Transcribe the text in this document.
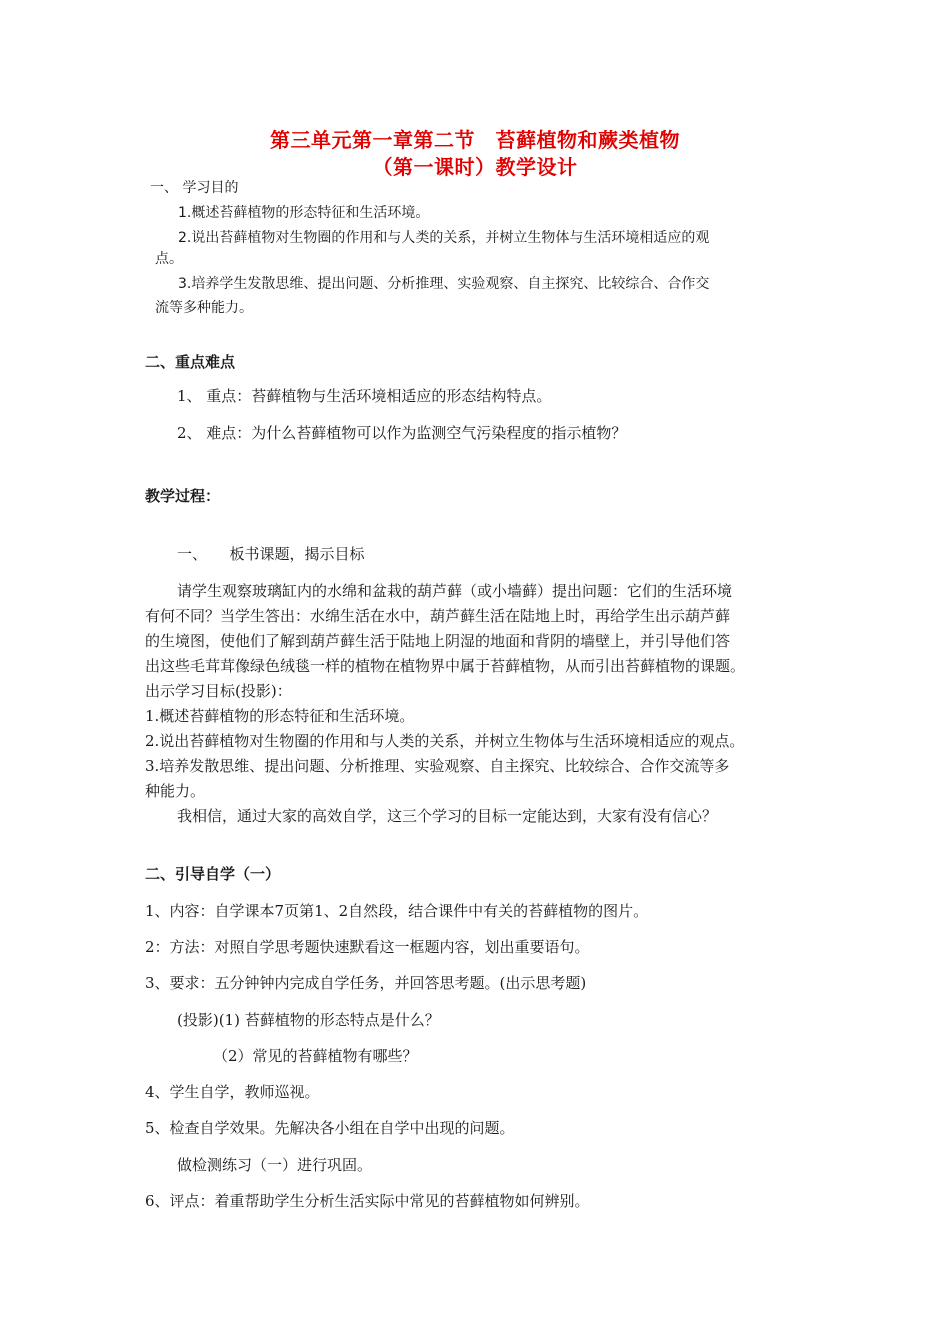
第三单元第一章第二节　苔藓植物和蕨类植物
（第一课时）教学设计
一、 学习目的
1.概述苔藓植物的形态特征和生活环境。
2.说出苔藓植物对生物圈的作用和与人类的关系，并树立生物体与生活环境相适应的观
点。
3.培养学生发散思维、提出问题、分析推理、实验观察、自主探究、比较综合、合作交
流等多种能力。
二、重点难点
1、 重点：苔藓植物与生活环境相适应的形态结构特点。
2、 难点：为什么苔藓植物可以作为监测空气污染程度的指示植物？
教学过程：
一、　　板书课题，揭示目标
请学生观察玻璃缸内的水绵和盆栽的葫芦藓（或小墙藓）提出问题：它们的生活环境
有何不同？当学生答出：水绵生活在水中，葫芦藓生活在陆地上时，再给学生出示葫芦藓
的生境图，使他们了解到葫芦藓生活于陆地上阴湿的地面和背阴的墙壁上，并引导他们答
出这些毛茸茸像绿色绒毯一样的植物在植物界中属于苔藓植物，从而引出苔藓植物的课题。
出示学习目标(投影)：
1.概述苔藓植物的形态特征和生活环境。
2.说出苔藓植物对生物圈的作用和与人类的关系，并树立生物体与生活环境相适应的观点。
3.培养发散思维、提出问题、分析推理、实验观察、自主探究、比较综合、合作交流等多
种能力。
我相信，通过大家的高效自学，这三个学习的目标一定能达到，大家有没有信心？
二、引导自学（一）
1、内容：自学课本7页第1、2自然段，结合课件中有关的苔藓植物的图片。
2：方法：对照自学思考题快速默看这一框题内容，划出重要语句。
3、要求：五分钟钟内完成自学任务，并回答思考题。(出示思考题)
(投影)(1) 苔藓植物的形态特点是什么？
（2）常见的苔藓植物有哪些？
4、学生自学，教师巡视。
5、检查自学效果。先解决各小组在自学中出现的问题。
做检测练习（一）进行巩固。
6、评点：着重帮助学生分析生活实际中常见的苔藓植物如何辨别。
